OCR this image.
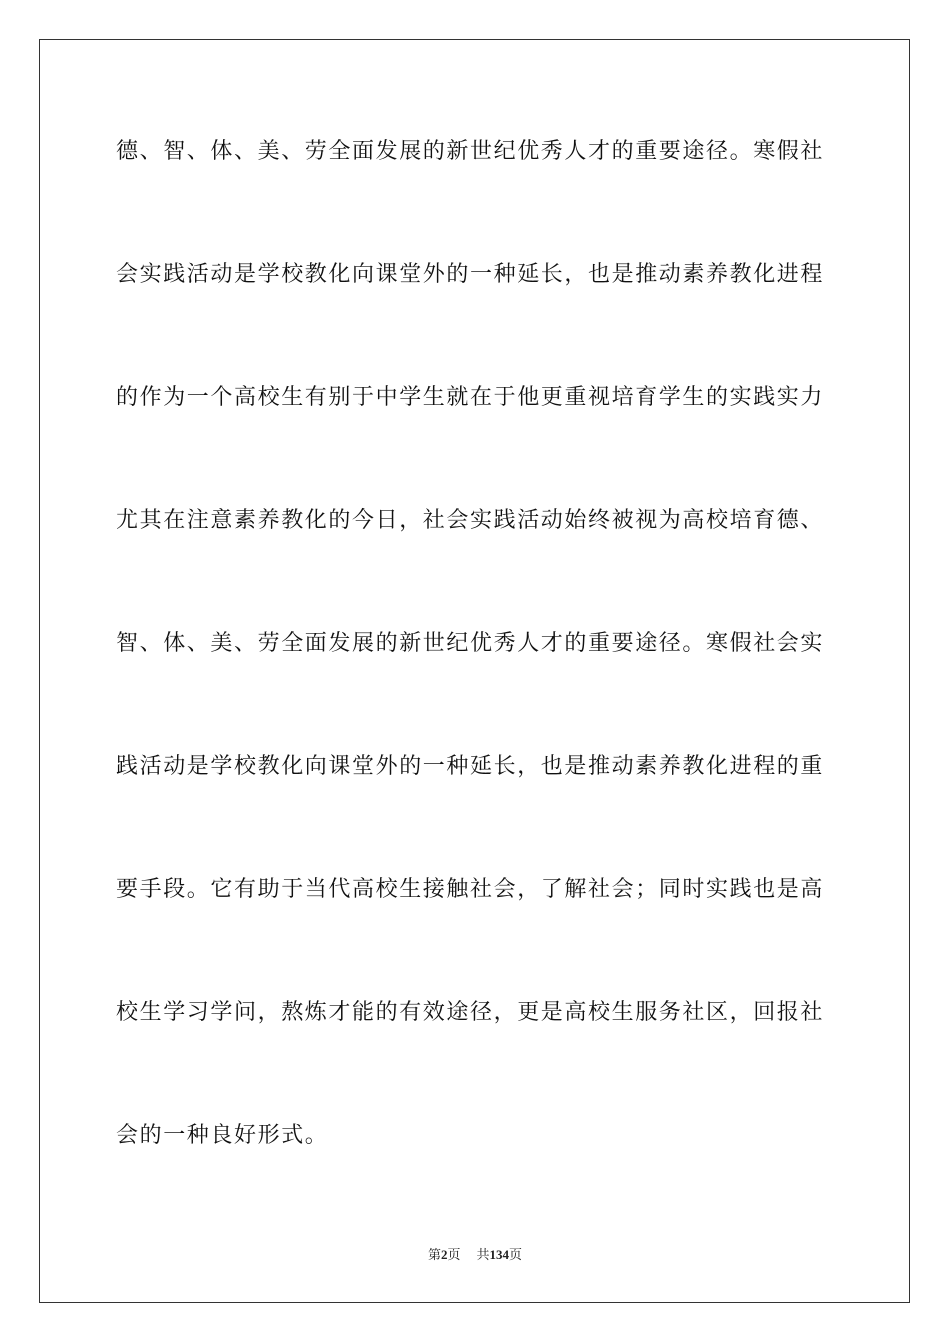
德、智、体、美、劳全面发展的新世纪优秀人才的重要途径。寒假社
会实践活动是学校教化向课堂外的一种延长，也是推动素养教化进程
的作为一个高校生有别于中学生就在于他更重视培育学生的实践实力
尤其在注意素养教化的今日，社会实践活动始终被视为高校培育德、
智、体、美、劳全面发展的新世纪优秀人才的重要途径。寒假社会实
践活动是学校教化向课堂外的一种延长，也是推动素养教化进程的重
要手段。它有助于当代高校生接触社会，了解社会；同时实践也是高
校生学习学问，熬炼才能的有效途径，更是高校生服务社区，回报社
会的一种良好形式。
第2页 共134页
